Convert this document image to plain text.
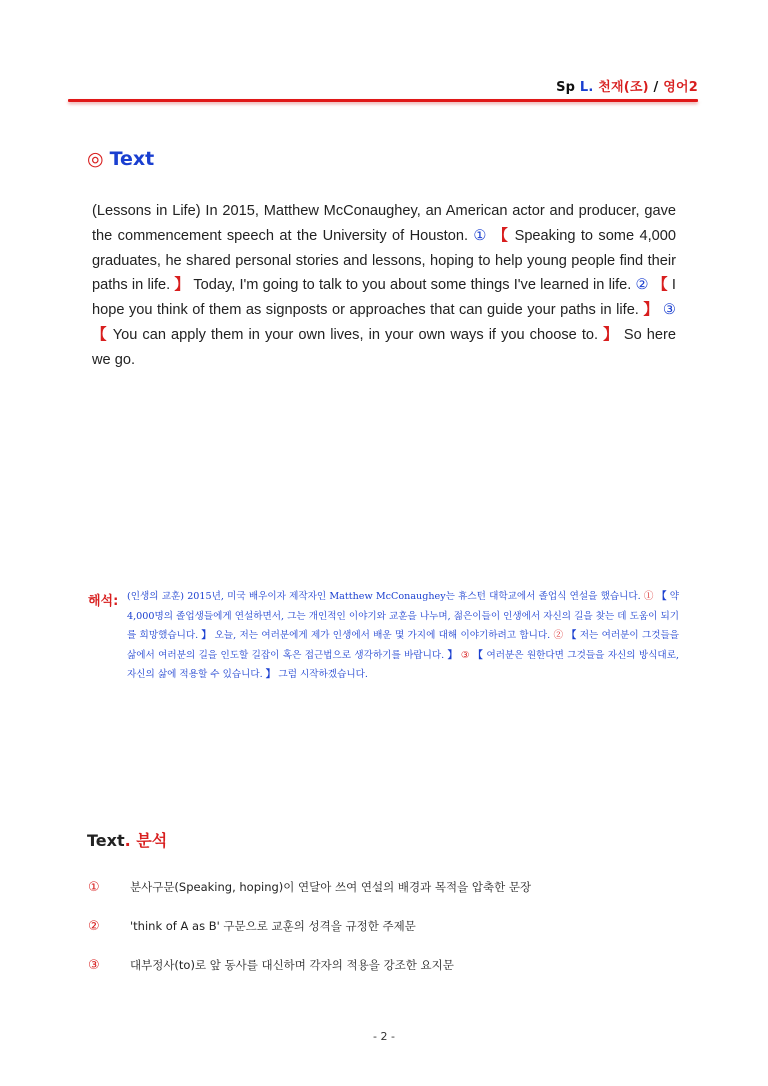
Sp L. 천재(조) / 영어2
◎ Text
(Lessons in Life) In 2015, Matthew McConaughey, an American actor and producer, gave the commencement speech at the University of Houston. ① 【 Speaking to some 4,000 graduates, he shared personal stories and lessons, hoping to help young people find their paths in life. 】 Today, I'm going to talk to you about some things I've learned in life. ② 【 I hope you think of them as signposts or approaches that can guide your paths in life. 】 ③ 【 You can apply them in your own lives, in your own ways if you choose to. 】 So here we go.
해석: (인생의 교훈) 2015년, 미국 배우이자 제작자인 Matthew McConaughey는 휴스턴 대학교에서 졸업식 연설을 했습니다. ① 【 약 4,000명의 졸업생들에게 연설하면서, 그는 개인적인 이야기와 교훈을 나누며, 젊은이들이 인생에서 자신의 길을 찾는 데 도움이 되기를 희망했습니다. 】 오늘, 저는 여러분에게 제가 인생에서 배운 몇 가지에 대해 이야기하려고 합니다. ② 【 저는 여러분이 그것들을 삶에서 여러분의 길을 인도할 길잡이 혹은 접근법으로 생각하기를 바랍니다. 】 ③ 【 여러분은 원한다면 그것들을 자신의 방식대로, 자신의 삶에 적용할 수 있습니다. 】 그럼 시작하겠습니다.
Text. 분석
①	분사구문(Speaking, hoping)이 연달아 쓰여 연설의 배경과 목적을 압축한 문장
②	'think of A as B' 구문으로 교훈의 성격을 규정한 주제문
③	대부정사(to)로 앞 동사를 대신하며 각자의 적용을 강조한 요지문
- 2 -
